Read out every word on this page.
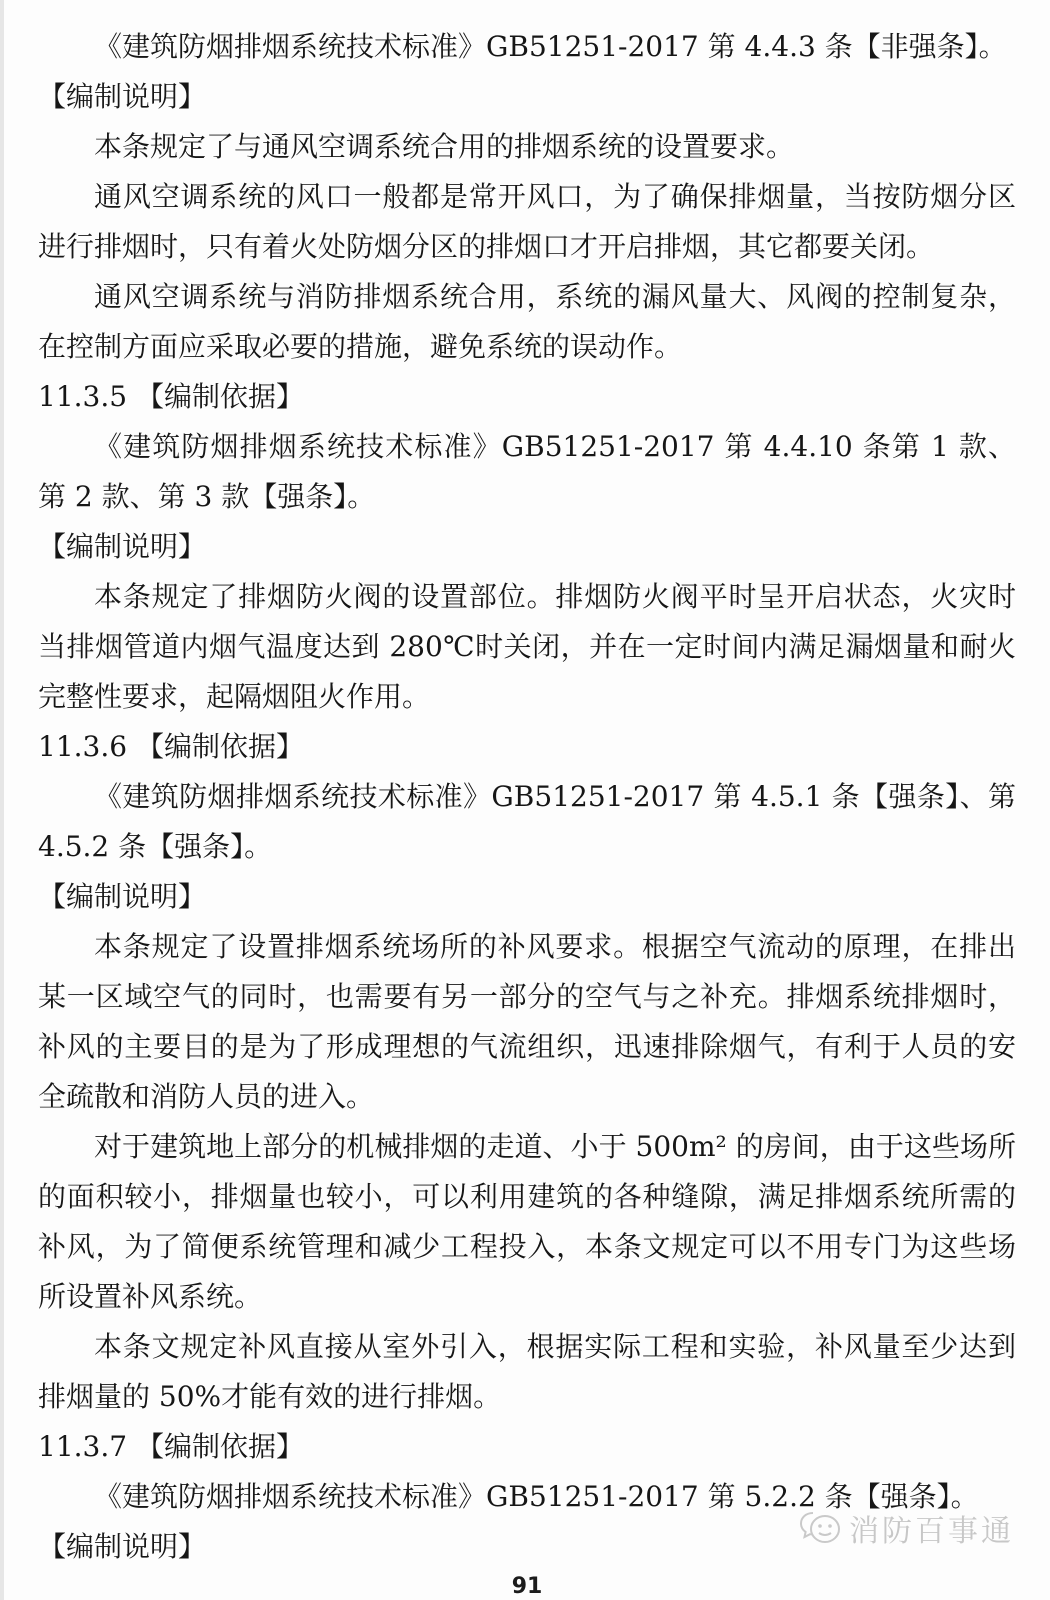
《建筑防烟排烟系统技术标准》GB51251-2017 第 4.4.3 条【非强条】。

【编制说明】

本条规定了与通风空调系统合用的排烟系统的设置要求。

通风空调系统的风口一般都是常开风口，为了确保排烟量，当按防烟分区进行排烟时，只有着火处防烟分区的排烟口才开启排烟，其它都要关闭。

通风空调系统与消防排烟系统合用，系统的漏风量大、风阀的控制复杂，在控制方面应采取必要的措施，避免系统的误动作。

11.3.5 【编制依据】

《建筑防烟排烟系统技术标准》GB51251-2017 第 4.4.10 条第 1 款、第 2 款、第 3 款【强条】。

【编制说明】

本条规定了排烟防火阀的设置部位。排烟防火阀平时呈开启状态，火灾时当排烟管道内烟气温度达到 280℃时关闭，并在一定时间内满足漏烟量和耐火完整性要求，起隔烟阻火作用。

11.3.6 【编制依据】

《建筑防烟排烟系统技术标准》GB51251-2017 第 4.5.1 条【强条】、第 4.5.2 条【强条】。

【编制说明】

本条规定了设置排烟系统场所的补风要求。根据空气流动的原理，在排出某一区域空气的同时，也需要有另一部分的空气与之补充。排烟系统排烟时，补风的主要目的是为了形成理想的气流组织，迅速排除烟气，有利于人员的安全疏散和消防人员的进入。

对于建筑地上部分的机械排烟的走道、小于 500m² 的房间，由于这些场所的面积较小，排烟量也较小，可以利用建筑的各种缝隙，满足排烟系统所需的补风，为了简便系统管理和减少工程投入，本条文规定可以不用专门为这些场所设置补风系统。

本条文规定补风直接从室外引入，根据实际工程和实验，补风量至少达到排烟量的 50%才能有效的进行排烟。

11.3.7 【编制依据】

《建筑防烟排烟系统技术标准》GB51251-2017 第 5.2.2 条【强条】。

【编制说明】	消防百事通
91
